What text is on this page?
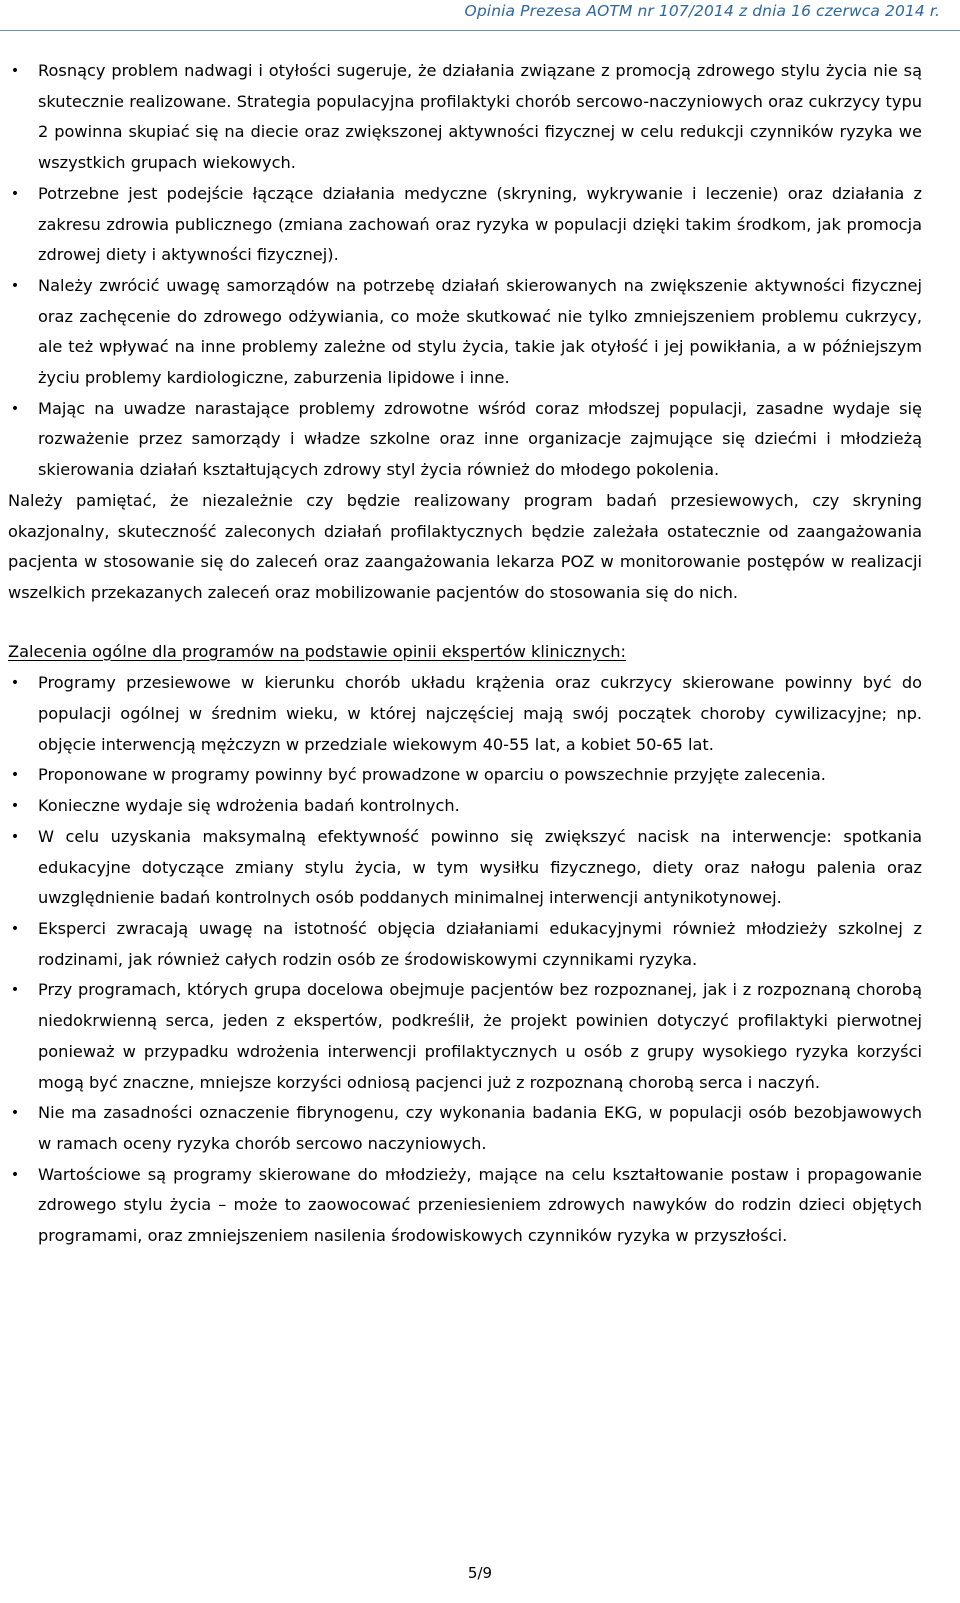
Opinia Prezesa AOTM nr 107/2014 z dnia 16 czerwca 2014 r.
• Rosnący problem nadwagi i otyłości sugeruje, że działania związane z promocją zdrowego stylu życia nie są skutecznie realizowane. Strategia populacyjna profilaktyki chorób sercowo-naczyniowych oraz cukrzycy typu 2 powinna skupiać się na diecie oraz zwiększonej aktywności fizycznej w celu redukcji czynników ryzyka we wszystkich grupach wiekowych.
• Potrzebne jest podejście łączące działania medyczne (skryning, wykrywanie i leczenie) oraz działania z zakresu zdrowia publicznego (zmiana zachowań oraz ryzyka w populacji dzięki takim środkom, jak promocja zdrowej diety i aktywności fizycznej).
• Należy zwrócić uwagę samorządów na potrzebę działań skierowanych na zwiększenie aktywności fizycznej oraz zachęcenie do zdrowego odżywiania, co może skutkować nie tylko zmniejszeniem problemu cukrzycy, ale też wpływać na inne problemy zależne od stylu życia, takie jak otyłość i jej powikłania, a w późniejszym życiu problemy kardiologiczne, zaburzenia lipidowe i inne.
• Mając na uwadze narastające problemy zdrowotne wśród coraz młodszej populacji, zasadne wydaje się rozważenie przez samorządy i władze szkolne oraz inne organizacje zajmujące się dziećmi i młodzieżą skierowania działań kształtujących zdrowy styl życia również do młodego pokolenia.

Należy pamiętać, że niezależnie czy będzie realizowany program badań przesiewowych, czy skryning okazjonalny, skuteczność zaleconych działań profilaktycznych będzie zależała ostatecznie od zaangażowania pacjenta w stosowanie się do zaleceń oraz zaangażowania lekarza POZ w monitorowanie postępów w realizacji wszelkich przekazanych zaleceń oraz mobilizowanie pacjentów do stosowania się do nich.

Zalecenia ogólne dla programów na podstawie opinii ekspertów klinicznych:
• Programy przesiewowe w kierunku chorób układu krążenia oraz cukrzycy skierowane powinny być do populacji ogólnej w średnim wieku, w której najczęściej mają swój początek choroby cywilizacyjne; np. objęcie interwencją mężczyzn w przedziale wiekowym 40-55 lat, a kobiet 50-65 lat.
• Proponowane w programy powinny być prowadzone w oparciu o powszechnie przyjęte zalecenia.
• Konieczne wydaje się wdrożenia badań kontrolnych.
• W celu uzyskania maksymalną efektywność powinno się zwiększyć nacisk na interwencje: spotkania edukacyjne dotyczące zmiany stylu życia, w tym wysiłku fizycznego, diety oraz nałogu palenia oraz uwzględnienie badań kontrolnych osób poddanych minimalnej interwencji antynikotynowej.
• Eksperci zwracają uwagę na istotność objęcia działaniami edukacyjnymi również młodzieży szkolnej z rodzinami, jak również całych rodzin osób ze środowiskowymi czynnikami ryzyka.
• Przy programach, których grupa docelowa obejmuje pacjentów bez rozpoznanej, jak i z rozpoznaną chorobą niedokrwienną serca, jeden z ekspertów, podkreślił, że projekt powinien dotyczyć profilaktyki pierwotnej ponieważ w przypadku wdrożenia interwencji profilaktycznych u osób z grupy wysokiego ryzyka korzyści mogą być znaczne, mniejsze korzyści odniosą pacjenci już z rozpoznaną chorobą serca i naczyń.
• Nie ma zasadności oznaczenie fibrynogenu, czy wykonania badania EKG, w populacji osób bezobjawowych w ramach oceny ryzyka chorób sercowo naczyniowych.
• Wartościowe są programy skierowane do młodzieży, mające na celu kształtowanie postaw i propagowanie zdrowego stylu życia – może to zaowocować przeniesieniem zdrowych nawyków do rodzin dzieci objętych programami, oraz zmniejszeniem nasilenia środowiskowych czynników ryzyka w przyszłości.
5/9
